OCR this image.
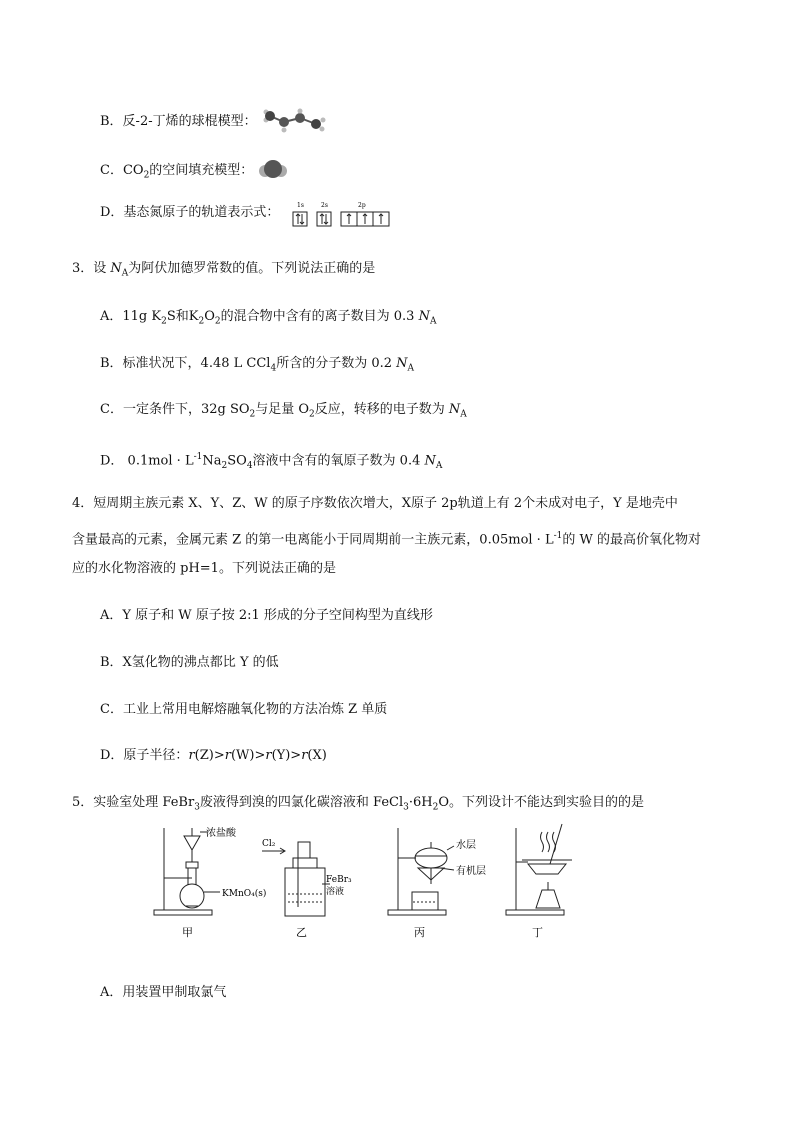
B．反-2-丁烯的球棍模型：
C．$CO_2$的空间填充模型：
D．基态氮原子的轨道表示式：	1s	2s	2p
3．设 $N_A$为阿伏加德罗常数的值。下列说法正确的是
A．11g $K_2S$和$K_2O_2$的混合物中含有的离子数目为 0.3 $N_A$
B．标准状况下，4.48 L CCl$_4$所含的分子数为 0.2 $N_A$
C．一定条件下，32g $SO_2$与足量 $O_2$反应，转移的电子数为 $N_A$
D． $0.1mol \cdot L^{-1}Na_2SO_4$溶液中含有的氧原子数为 0.4 $N_A$
4．短周期主族元素 X、Y、Z、W 的原子序数依次增大，X原子 2p轨道上有 2个未成对电子，Y 是地壳中
含量最高的元素，金属元素 Z 的第一电离能小于同周期前一主族元素，$0.05mol \cdot L^{-1}$的 W 的最高价氧化物对
应的水化物溶液的 pH=1。下列说法正确的是
A．Y 原子和 W 原子按 2:1 形成的分子空间构型为直线形
B．X氢化物的沸点都比 Y 的低
C．工业上常用电解熔融氧化物的方法冶炼 Z 单质
D．原子半径：r(Z)>r(W)>r(Y)>r(X)
5．实验室处理 FeBr$_3$废液得到溴的四氯化碳溶液和 $FeCl_3\cdot 6H_2O$。下列设计不能达到实验目的的是
浓盐酸
KMnO₄(s)
Cl₂
FeBr₃
溶液
水层
有机层
甲	乙	丙	丁
A．用装置甲制取氯气
